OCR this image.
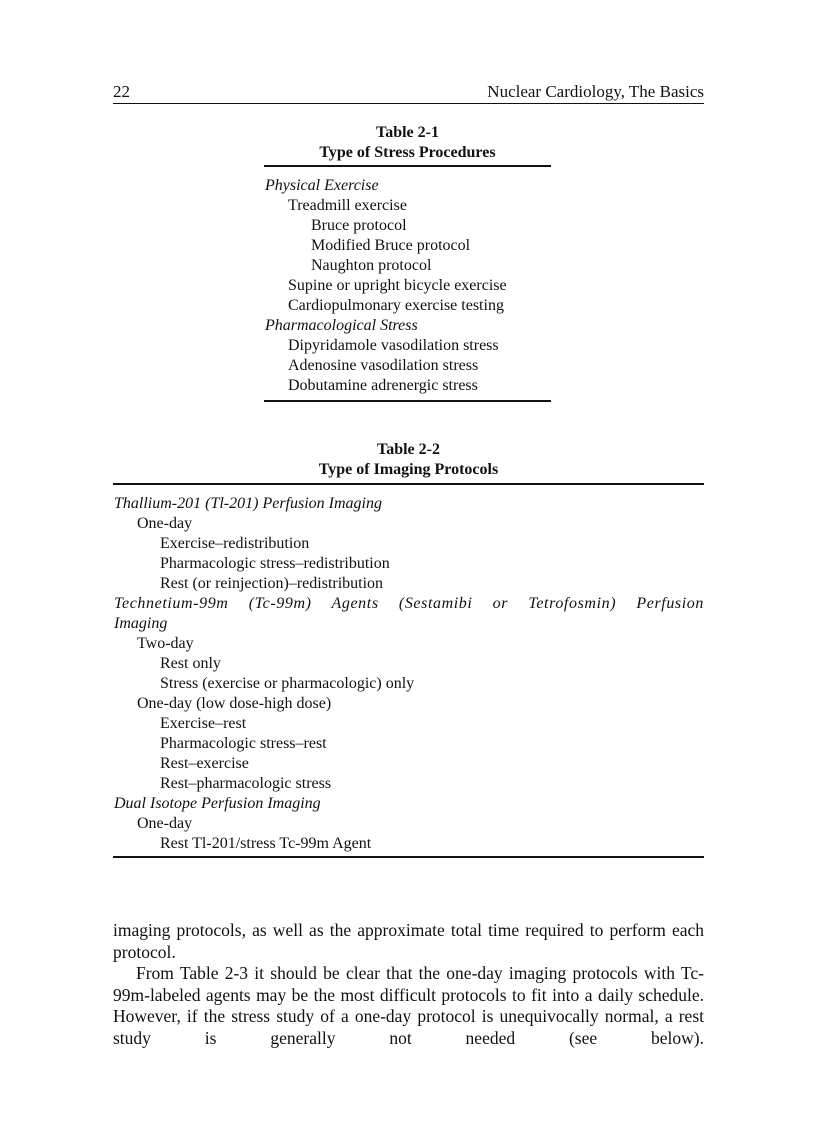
22	Nuclear Cardiology, The Basics
Table 2-1
Type of Stress Procedures
Physical Exercise
Treadmill exercise
Bruce protocol
Modified Bruce protocol
Naughton protocol
Supine or upright bicycle exercise
Cardiopulmonary exercise testing
Pharmacological Stress
Dipyridamole vasodilation stress
Adenosine vasodilation stress
Dobutamine adrenergic stress
Table 2-2
Type of Imaging Protocols
Thallium-201 (Tl-201) Perfusion Imaging
One-day
Exercise–redistribution
Pharmacologic stress–redistribution
Rest (or reinjection)–redistribution
Technetium-99m (Tc-99m) Agents (Sestamibi or Tetrofosmin) Perfusion
Imaging
Two-day
Rest only
Stress (exercise or pharmacologic) only
One-day (low dose-high dose)
Exercise–rest
Pharmacologic stress–rest
Rest–exercise
Rest–pharmacologic stress
Dual Isotope Perfusion Imaging
One-day
Rest Tl-201/stress Tc-99m Agent

imaging protocols, as well as the approximate total time required to perform each protocol.

From Table 2-3 it should be clear that the one-day imaging protocols with Tc-99m-labeled agents may be the most difficult protocols to fit into a daily schedule. However, if the stress study of a one-day protocol is unequivocally normal, a rest study is generally not needed (see below).
